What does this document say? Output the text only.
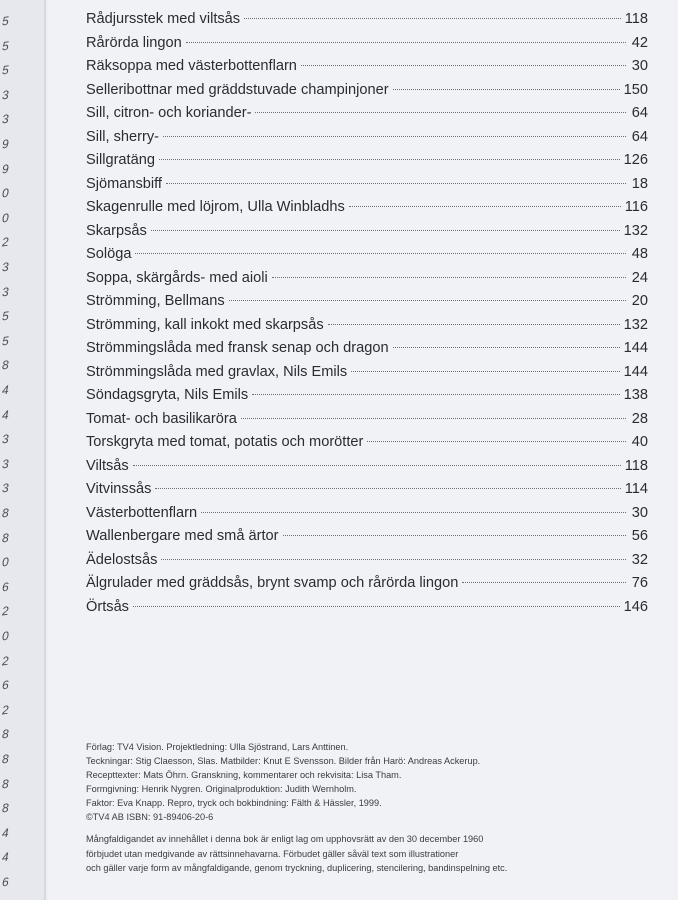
5
5
5
3
3
9
9
0
0
2
3
3
5
5
8
4
4
3
3
3
8
8
0
6
2
0
2
6
2
8
8
8
8
4
4
6
Rådjursstek med viltsås	118
Rårörda lingon	42
Räksoppa med västerbottenflarn	30
Selleribottnar med gräddstuvade champinjoner	150
Sill, citron- och koriander-	64
Sill, sherry-	64
Sillgratäng	126
Sjömansbiff	18
Skagenrulle med löjrom, Ulla Winbladhs	116
Skarpsås	132
Solöga	48
Soppa, skärgårds- med aioli	24
Strömming, Bellmans	20
Strömming, kall inkokt med skarpsås	132
Strömmingslåda med fransk senap och dragon	144
Strömmingslåda med gravlax, Nils Emils	144
Söndagsgryta, Nils Emils	138
Tomat- och basilikaröra	28
Torskgryta med tomat, potatis och morötter	40
Viltsås	118
Vitvinssås	114
Västerbottenflarn	30
Wallenbergare med små ärtor	56
Ädelostsås	32
Älgrulader med gräddsås, brynt svamp och rårörda lingon	76
Örtsås	146

Förlag: TV4 Vision. Projektledning: Ulla Sjöstrand, Lars Anttinen.

Teckningar: Stig Claesson, Slas. Matbilder: Knut E Svensson. Bilder från Harö: Andreas Ackerup.

Recepttexter: Mats Öhrn. Granskning, kommentarer och rekvisita: Lisa Tham.

Formgivning: Henrik Nygren. Originalproduktion: Judith Wernholm.

Faktor: Eva Knapp. Repro, tryck och bokbindning: Fälth & Hässler, 1999.

©TV4 AB ISBN: 91-89406-20-6

Mångfaldigandet av innehållet i denna bok är enligt lag om upphovsrätt av den 30 december 1960

förbjudet utan medgivande av rättsinnehavarna. Förbudet gäller såväl text som illustrationer

och gäller varje form av mångfaldigande, genom tryckning, duplicering, stencilering, bandinspelning etc.
